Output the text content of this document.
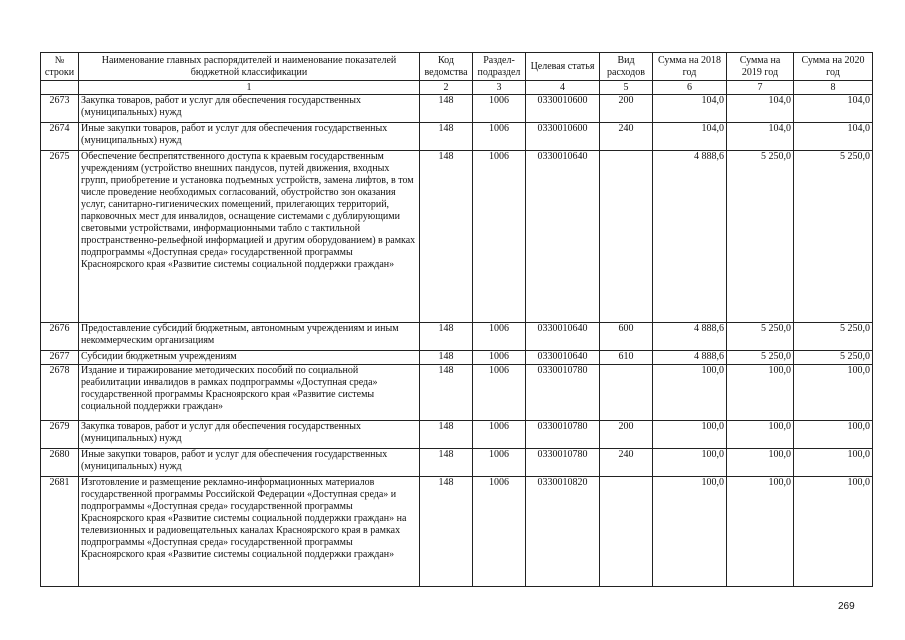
№ строки	Наименование главных распорядителей и наименование показателей бюджетной классификации	Код ведомства	Раздел-подраздел	Целевая статья	Вид расходов	Сумма на 2018 год	Сумма на 2019 год	Сумма на 2020 год
	1	2	3	4	5	6	7	8
2673	Закупка товаров, работ и услуг для обеспечения государственных (муниципальных) нужд	148	1006	0330010600	200	104,0	104,0	104,0
2674	Иные закупки товаров, работ и услуг для обеспечения государственных (муниципальных) нужд	148	1006	0330010600	240	104,0	104,0	104,0
2675	Обеспечение беспрепятственного доступа к краевым государственным учреждениям (устройство внешних пандусов, путей движения, входных групп, приобретение и установка подъемных устройств, замена лифтов, в том числе проведение необходимых согласований, обустройство зон оказания услуг, санитарно-гигиенических помещений, прилегающих территорий, парковочных мест для инвалидов, оснащение системами с дублирующими световыми устройствами, информационными табло с тактильной пространственно-рельефной информацией и другим оборудованием) в рамках подпрограммы «Доступная среда» государственной программы Красноярского края «Развитие системы социальной поддержки граждан»	148	1006	0330010640		4 888,6	5 250,0	5 250,0
2676	Предоставление субсидий бюджетным, автономным учреждениям и иным некоммерческим организациям	148	1006	0330010640	600	4 888,6	5 250,0	5 250,0
2677	Субсидии бюджетным учреждениям	148	1006	0330010640	610	4 888,6	5 250,0	5 250,0
2678	Издание и тиражирование методических пособий по социальной реабилитации инвалидов в рамках подпрограммы «Доступная среда» государственной программы Красноярского края «Развитие системы социальной поддержки граждан»	148	1006	0330010780		100,0	100,0	100,0
2679	Закупка товаров, работ и услуг для обеспечения государственных (муниципальных) нужд	148	1006	0330010780	200	100,0	100,0	100,0
2680	Иные закупки товаров, работ и услуг для обеспечения государственных (муниципальных) нужд	148	1006	0330010780	240	100,0	100,0	100,0
2681	Изготовление и размещение рекламно-информационных материалов государственной программы Российской Федерации «Доступная среда» и подпрограммы «Доступная среда» государственной программы Красноярского края «Развитие системы социальной поддержки граждан» на телевизионных и радиовещательных каналах Красноярского края в рамках подпрограммы «Доступная среда» государственной программы Красноярского края «Развитие системы социальной поддержки граждан»	148	1006	0330010820		100,0	100,0	100,0
269
